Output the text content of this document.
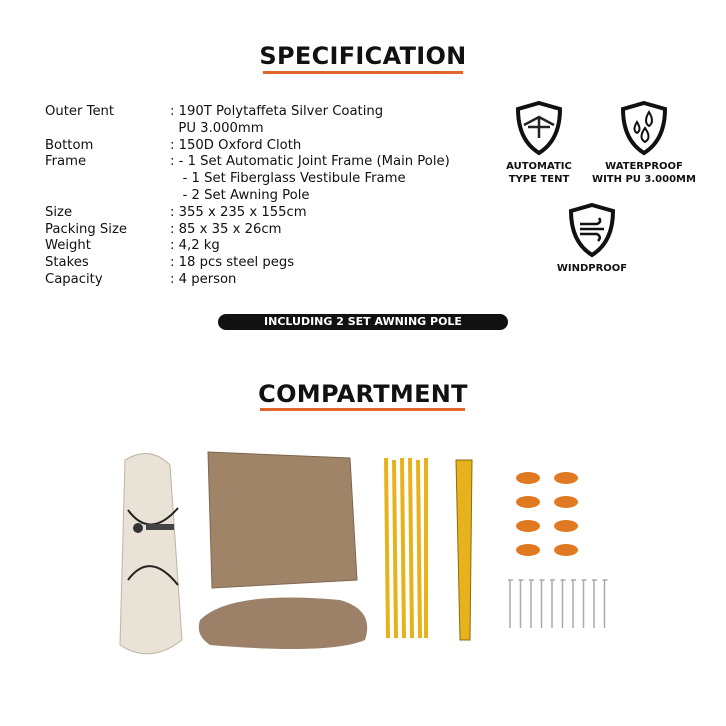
SPECIFICATION
Outer Tent	: 190T Polytaffeta Silver Coating
PU 3.000mm
Bottom	: 150D Oxford Cloth
Frame	: - 1 Set Automatic Joint Frame (Main Pole)
- 1 Set Fiberglass Vestibule Frame
- 2 Set Awning Pole
Size	: 355 x 235 x 155cm
Packing Size	: 85 x 35 x 26cm
Weight	: 4,2 kg
Stakes	: 18 pcs steel pegs
Capacity	: 4 person
INCLUDING 2 SET AWNING POLE
AUTOMATIC
TYPE TENT
WATERPROOF
WITH PU 3.000MM
WINDPROOF
COMPARTMENT
